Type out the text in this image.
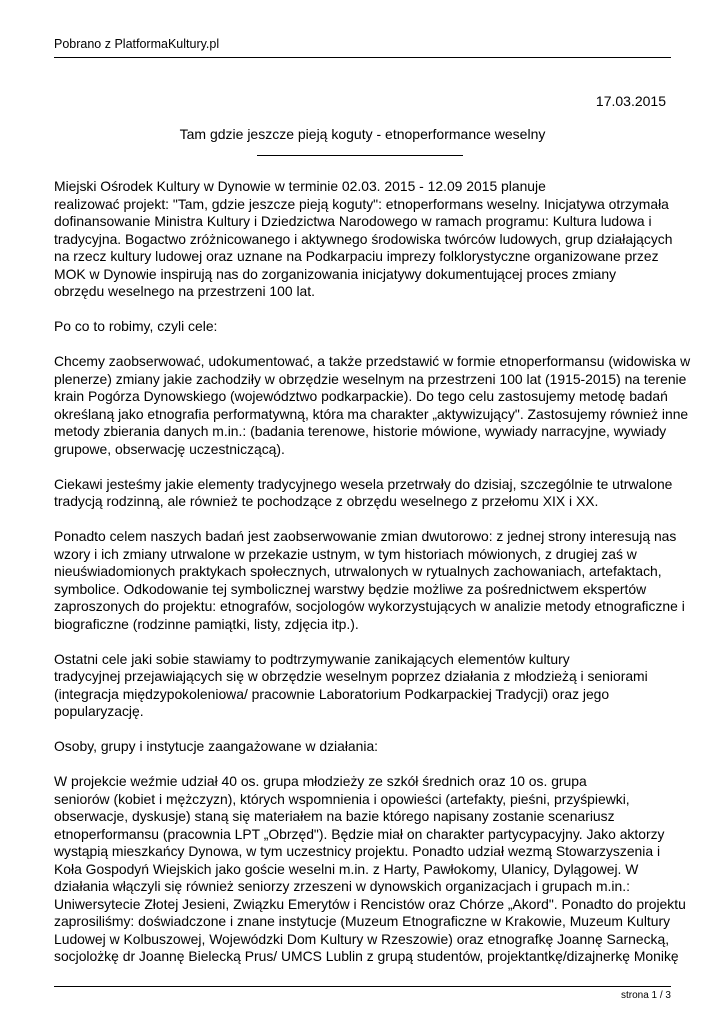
Pobrano z PlatformaKultury.pl
17.03.2015
Tam gdzie jeszcze pieją koguty - etnoperformance weselny

Miejski Ośrodek Kultury w Dynowie w terminie 02.03. 2015 - 12.09 2015 planuje
realizować projekt: "Tam, gdzie jeszcze pieją koguty": etnoperformans weselny. Inicjatywa otrzymała
dofinansowanie Ministra Kultury i Dziedzictwa Narodowego w ramach programu: Kultura ludowa i
tradycyjna. Bogactwo zróżnicowanego i aktywnego środowiska twórców ludowych, grup działających
na rzecz kultury ludowej oraz uznane na Podkarpaciu imprezy folklorystyczne organizowane przez
MOK w Dynowie inspirują nas do zorganizowania inicjatywy dokumentującej proces zmiany
obrzędu weselnego na przestrzeni 100 lat.

Po co to robimy, czyli cele:

Chcemy zaobserwować, udokumentować, a także przedstawić w formie etnoperformansu (widowiska w
plenerze) zmiany jakie zachodziły w obrzędzie weselnym na przestrzeni 100 lat (1915-2015) na terenie
krain Pogórza Dynowskiego (województwo podkarpackie). Do tego celu zastosujemy metodę badań
określaną jako etnografia performatywną, która ma charakter „aktywizujący". Zastosujemy również inne
metody zbierania danych m.in.: (badania terenowe, historie mówione, wywiady narracyjne, wywiady
grupowe, obserwację uczestniczącą).

Ciekawi jesteśmy jakie elementy tradycyjnego wesela przetrwały do dzisiaj, szczególnie te utrwalone
tradycją rodzinną, ale również te pochodzące z obrzędu weselnego z przełomu XIX i XX.

Ponadto celem naszych badań jest zaobserwowanie zmian dwutorowo: z jednej strony interesują nas
wzory i ich zmiany utrwalone w przekazie ustnym, w tym historiach mówionych, z drugiej zaś w
nieuświadomionych praktykach społecznych, utrwalonych w rytualnych zachowaniach, artefaktach,
symbolice. Odkodowanie tej symbolicznej warstwy będzie możliwe za pośrednictwem ekspertów
zaproszonych do projektu: etnografów, socjologów wykorzystujących w analizie metody etnograficzne i
biograficzne (rodzinne pamiątki, listy, zdjęcia itp.).

Ostatni cele jaki sobie stawiamy to podtrzymywanie zanikających elementów kultury
tradycyjnej przejawiających się w obrzędzie weselnym poprzez działania z młodzieżą i seniorami
(integracja międzypokoleniowa/ pracownie Laboratorium Podkarpackiej Tradycji) oraz jego
popularyzację.

Osoby, grupy i instytucje zaangażowane w działania:

W projekcie weźmie udział 40 os. grupa młodzieży ze szkół średnich oraz 10 os. grupa
seniorów (kobiet i mężczyzn), których wspomnienia i opowieści (artefakty, pieśni, przyśpiewki,
obserwacje, dyskusje) staną się materiałem na bazie którego napisany zostanie scenariusz
etnoperformansu (pracownia LPT „Obrzęd"). Będzie miał on charakter partycypacyjny. Jako aktorzy
wystąpią mieszkańcy Dynowa, w tym uczestnicy projektu. Ponadto udział wezmą Stowarzyszenia i
Koła Gospodyń Wiejskich jako goście weselni m.in. z Harty, Pawłokomy, Ulanicy, Dylągowej. W
działania włączyli się również seniorzy zrzeszeni w dynowskich organizacjach i grupach m.in.:
Uniwersytecie Złotej Jesieni, Związku Emerytów i Rencistów oraz Chórze „Akord". Ponadto do projektu
zaprosiliśmy: doświadczone i znane instytucje (Muzeum Etnograficzne w Krakowie, Muzeum Kultury
Ludowej w Kolbuszowej, Wojewódzki Dom Kultury w Rzeszowie) oraz etnografkę Joannę Sarnecką,
socjolożkę dr Joannę Bielecką Prus/ UMCS Lublin z grupą studentów, projektantkę/dizajnerkę Monikę

strona 1 / 3
